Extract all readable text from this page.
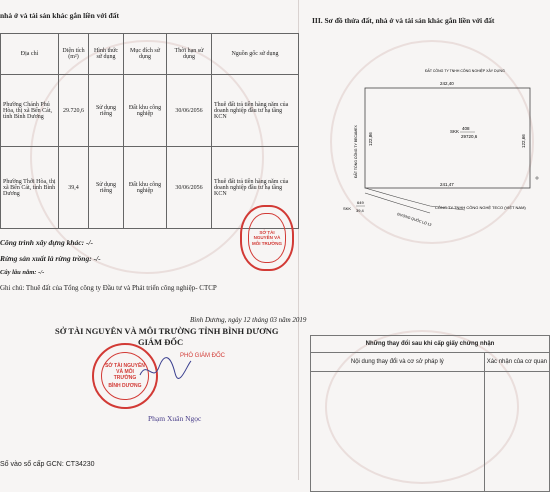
nhà ở và tài sản khác gắn liền với đất
Địa chỉ	Diện tích (m²)	Hình thức sử dụng	Mục đích sử dụng	Thời hạn sử dụng	Nguồn gốc sử dụng
Phường Chánh Phú Hòa, thị xã Bến Cát, tỉnh Bình Dương	29.720,6	Sử dụng riêng	Đất khu công nghiệp	30/06/2056	Thuê đất trả tiền hàng năm của doanh nghiệp đầu tư hạ tầng KCN
Phường Thới Hòa, thị xã Bến Cát, tỉnh Bình Dương	39,4	Sử dụng riêng	Đất khu công nghiệp	30/06/2056	Thuê đất trả tiền hàng năm của doanh nghiệp đầu tư hạ tầng KCN
Công trình xây dựng khác: -/-
Rừng sản xuất là rừng trồng: -/-
Cây lâu năm: -/-
Ghi chú: Thuê đất của Tổng công ty Đầu tư và Phát triển công nghiệp- CTCP
Bình Dương, ngày 12 tháng 03 năm 2019
SỞ TÀI NGUYÊN VÀ MÔI TRƯỜNG TỈNH BÌNH DƯƠNG
GIÁM ĐỐC
SỞ TÀI NGUYÊN VÀ MÔI TRƯỜNG
BÌNH DƯƠNG
PHÓ GIÁM ĐỐC
Phạm Xuân Ngọc
SỞ TÀI NGUYÊN VÀ MÔI TRƯỜNG
Số vào sổ cấp GCN: CT34230
III. Sơ đồ thửa đất, nhà ở và tài sản khác gắn liền với đất
ĐẤT CÔNG TY TNHH CÔNG NGHIỆP XÂY DỰNG
242,40
ĐẤT TỔNG CÔNG TY BECAMEX 122,86
SKK
408
29720,6	122,66
241,47
CÔNG TY TNHH CÔNG NGHỆ TECO (VIỆT NAM)
ĐƯỜNG QUỐC LỘ 13
SKK
649
39,4
Những thay đổi sau khi cấp giấy chứng nhận	
Nội dung thay đổi và cơ sở pháp lý	Xác nhận của cơ quan
